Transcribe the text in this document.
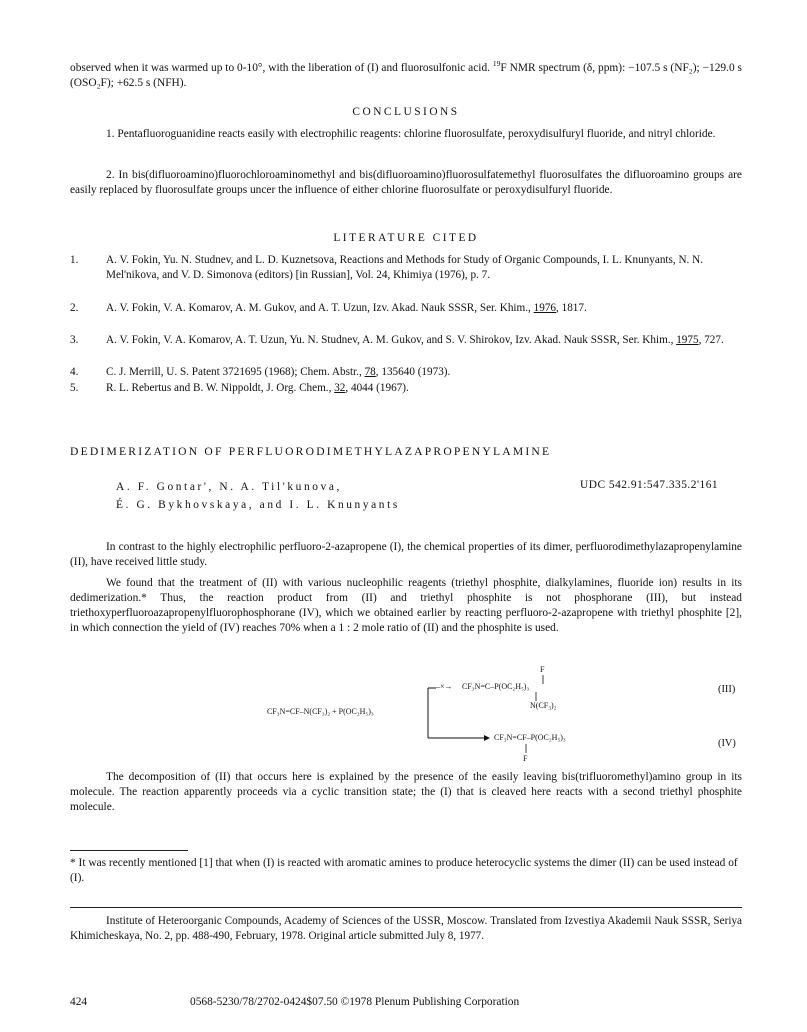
observed when it was warmed up to 0-10°, with the liberation of (I) and fluorosulfonic acid. $^{19}$F NMR spectrum (δ, ppm): −107.5 s (NF₂); −129.0 s (OSO₂F); +62.5 s (NFH).

CONCLUSIONS

1. Pentafluoroguanidine reacts easily with electrophilic reagents: chlorine fluorosulfate, peroxydisulfuryl fluoride, and nitryl chloride.

2. In bis(difluoroamino)fluorochloroaminomethyl and bis(difluoroamino)fluorosulfatemethyl fluorosulfates the difluoroamino groups are easily replaced by fluorosulfate groups uncer the influence of either chlorine fluorosulfate or peroxydisulfuryl fluoride.

LITERATURE CITED
1. A. V. Fokin, Yu. N. Studnev, and L. D. Kuznetsova, Reactions and Methods for Study of Organic Compounds, I. L. Knunyants, N. N. Mel'nikova, and V. D. Simonova (editors) [in Russian], Vol. 24, Khimiya (1976), p. 7.
2. A. V. Fokin, V. A. Komarov, A. M. Gukov, and A. T. Uzun, Izv. Akad. Nauk SSSR, Ser. Khim., 1976, 1817.
3. A. V. Fokin, V. A. Komarov, A. T. Uzun, Yu. N. Studnev, A. M. Gukov, and S. V. Shirokov, Izv. Akad. Nauk SSSR, Ser. Khim., 1975, 727.
4. C. J. Merrill, U. S. Patent 3721695 (1968); Chem. Abstr., 78, 135640 (1973).
5. R. L. Rebertus and B. W. Nippoldt, J. Org. Chem., 32, 4044 (1967).
DEDIMERIZATION OF PERFLUORODIMETHYLAZAPROPENYLAMINE
A. F. Gontar', N. A. Til'kunova,
É. G. Bykhovskaya, and I. L. Knunyants
UDC 542.91:547.335.2'161

In contrast to the highly electrophilic perfluoro-2-azapropene (I), the chemical properties of its dimer, perfluorodimethylazapropenylamine (II), have received little study.

We found that the treatment of (II) with various nucleophilic reagents (triethyl phosphite, dialkylamines, fluoride ion) results in its dedimerization.* Thus, the reaction product from (II) and triethyl phosphite is not phosphorane (III), but instead triethoxyperfluoroazapropenylfluorophosphorane (IV), which we obtained earlier by reacting perfluoro-2-azapropene with triethyl phosphite [2], in which connection the yield of (IV) reaches 70% when a 1 : 2 mole ratio of (II) and the phosphite is used.

F
–×→ CF₃N=C–P(OC₂H₅)₃
N(CF₃)₂
CF₃N=CF–N(CF₃)₂ + P(OC₂H₅)₃
CF₃N=CF–P(OC₂H₅)₃
F
(III)
(IV)

The decomposition of (II) that occurs here is explained by the presence of the easily leaving bis(trifluoromethyl)amino group in its molecule. The reaction apparently proceeds via a cyclic transition state; the (I) that is cleaved here reacts with a second triethyl phosphite molecule.

* It was recently mentioned [1] that when (I) is reacted with aromatic amines to produce heterocyclic systems the dimer (II) can be used instead of (I).

Institute of Heteroorganic Compounds, Academy of Sciences of the USSR, Moscow. Translated from Izvestiya Akademii Nauk SSSR, Seriya Khimicheskaya, No. 2, pp. 488-490, February, 1978. Original article submitted July 8, 1977.

424	0568-5230/78/2702-0424$07.50 ©1978 Plenum Publishing Corporation
